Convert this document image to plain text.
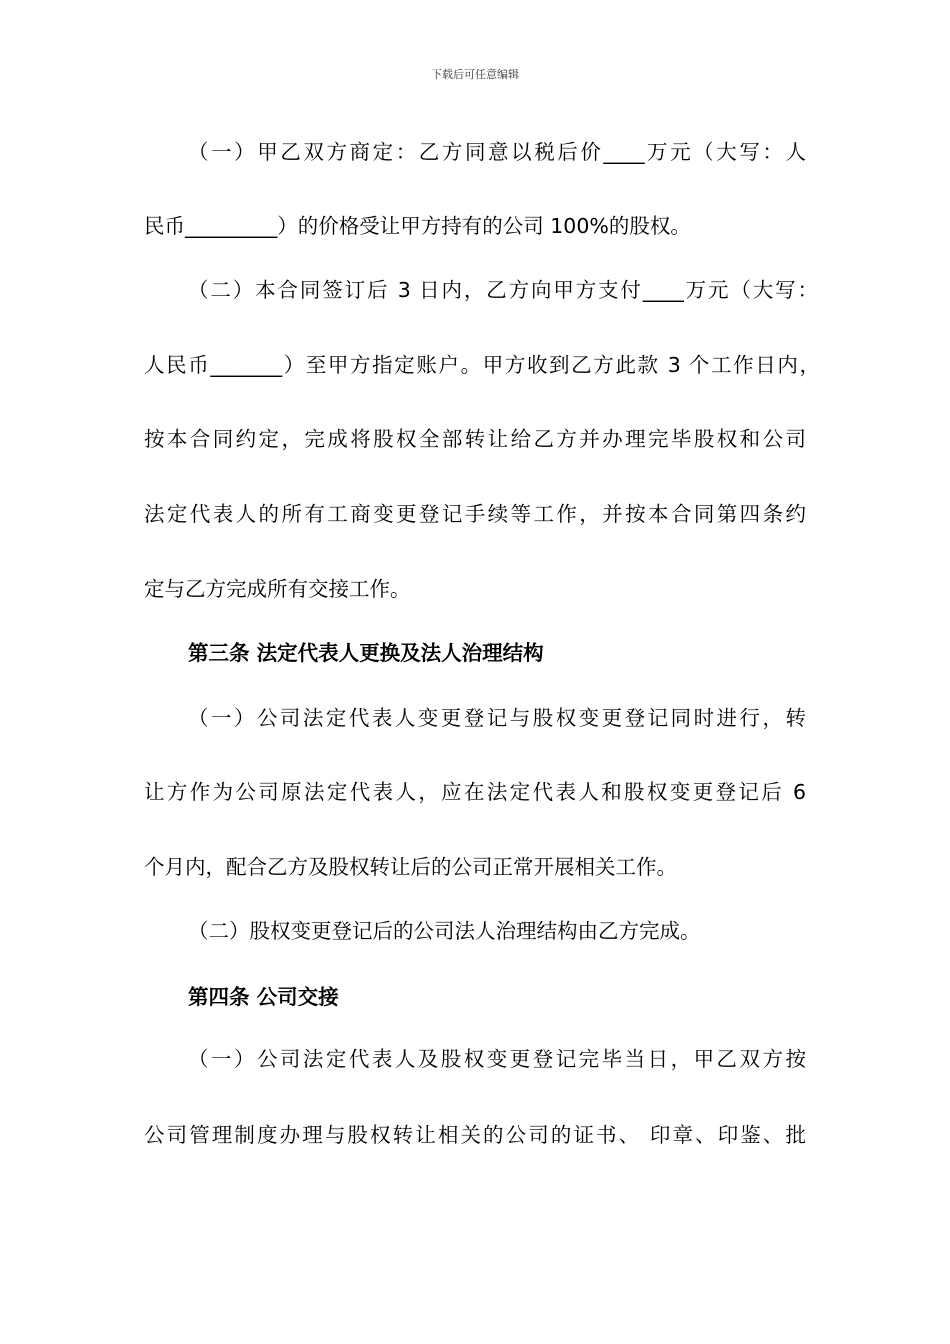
下载后可任意编辑
（一）甲乙双方商定：乙方同意以税后价____万元（大写：人
民币_________）的价格受让甲方持有的公司 100%的股权。
（二）本合同签订后 3 日内，乙方向甲方支付____万元（大写：
人民币_______）至甲方指定账户。甲方收到乙方此款 3 个工作日内，
按本合同约定，完成将股权全部转让给乙方并办理完毕股权和公司
法定代表人的所有工商变更登记手续等工作，并按本合同第四条约
定与乙方完成所有交接工作。
第三条 法定代表人更换及法人治理结构
（一）公司法定代表人变更登记与股权变更登记同时进行，转
让方作为公司原法定代表人，应在法定代表人和股权变更登记后 6
个月内，配合乙方及股权转让后的公司正常开展相关工作。
（二）股权变更登记后的公司法人治理结构由乙方完成。
第四条 公司交接
（一）公司法定代表人及股权变更登记完毕当日，甲乙双方按
公司管理制度办理与股权转让相关的公司的证书、 印章、印鉴、批
